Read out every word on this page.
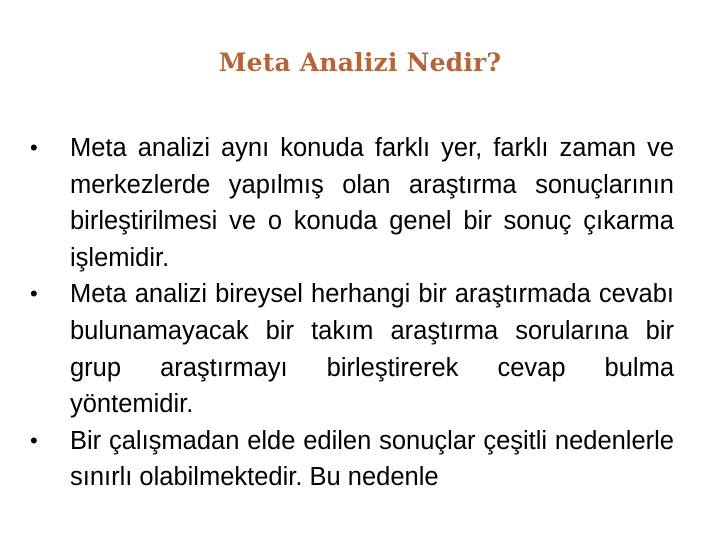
Meta Analizi Nedir?
•	Meta analizi aynı konuda farklı yer, farklı zaman ve merkezlerde yapılmış olan araştırma sonuçlarının birleştirilmesi ve o konuda genel bir sonuç çıkarma işlemidir.
•	Meta analizi bireysel herhangi bir araştırmada cevabı bulunamayacak bir takım araştırma sorularına bir grup araştırmayı birleştirerek cevap bulma yöntemidir.
•	Bir çalışmadan elde edilen sonuçlar çeşitli nedenlerle sınırlı olabilmektedir. Bu nedenle
